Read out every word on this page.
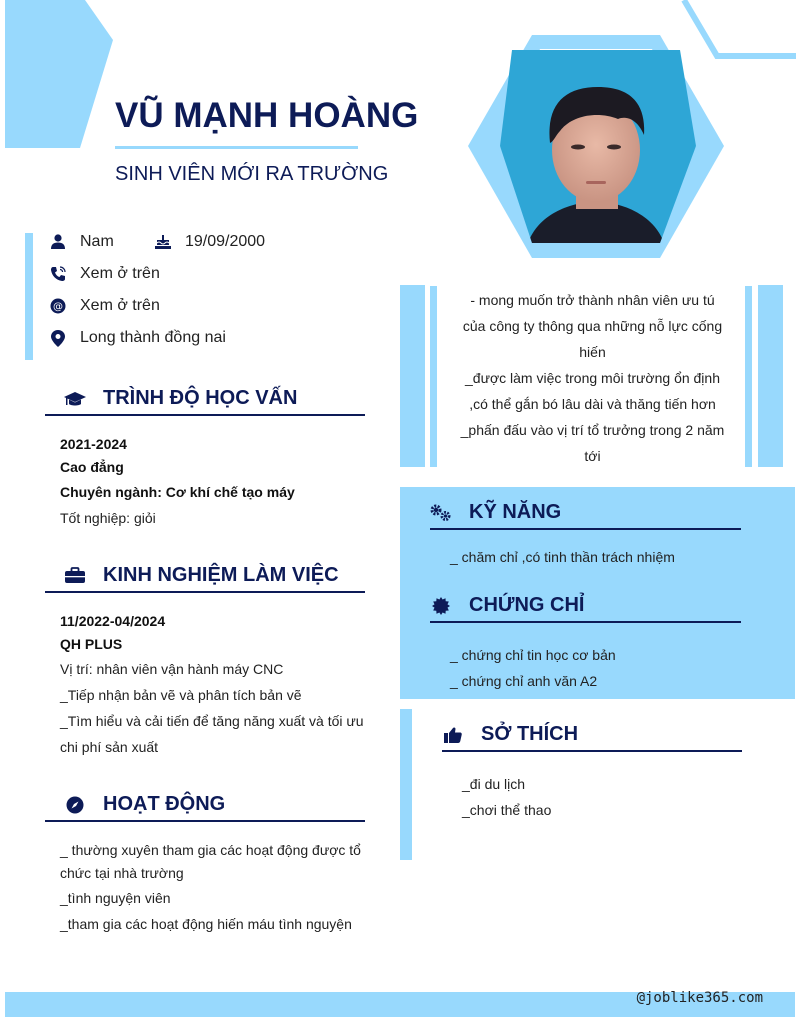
VŨ MẠNH HOÀNG
SINH VIÊN MỚI RA TRƯỜNG
Nam	19/09/2000
Xem ở trên
@ Xem ở trên
Long thành đồng nai
TRÌNH ĐỘ HỌC VẤN
2021-2024
Cao đẳng
Chuyên ngành: Cơ khí chế tạo máy
Tốt nghiệp: giỏi
KINH NGHIỆM LÀM VIỆC
11/2022-04/2024
QH PLUS
Vị trí: nhân viên vận hành máy CNC
_Tiếp nhận bản vẽ và phân tích bản vẽ
_Tìm hiểu và cải tiến để tăng năng xuất và tối ưu
chi phí sản xuất
HOẠT ĐỘNG
_ thường xuyên tham gia các hoạt động được tổ
chức tại nhà trường
_tình nguyện viên
_tham gia các hoạt động hiến máu tình nguyện
- mong muốn trở thành nhân viên ưu tú
của công ty thông qua những nỗ lực cống
hiến
_được làm việc trong môi trường ổn định
,có thể gắn bó lâu dài và thăng tiến hơn
_phấn đấu vào vị trí tổ trưởng trong 2 năm
tới
KỸ NĂNG
_ chăm chỉ ,có tinh thần trách nhiệm
CHỨNG CHỈ
_ chứng chỉ tin học cơ bản
_ chứng chỉ anh văn A2
SỞ THÍCH
_đi du lịch
_chơi thể thao
@joblike365.com
